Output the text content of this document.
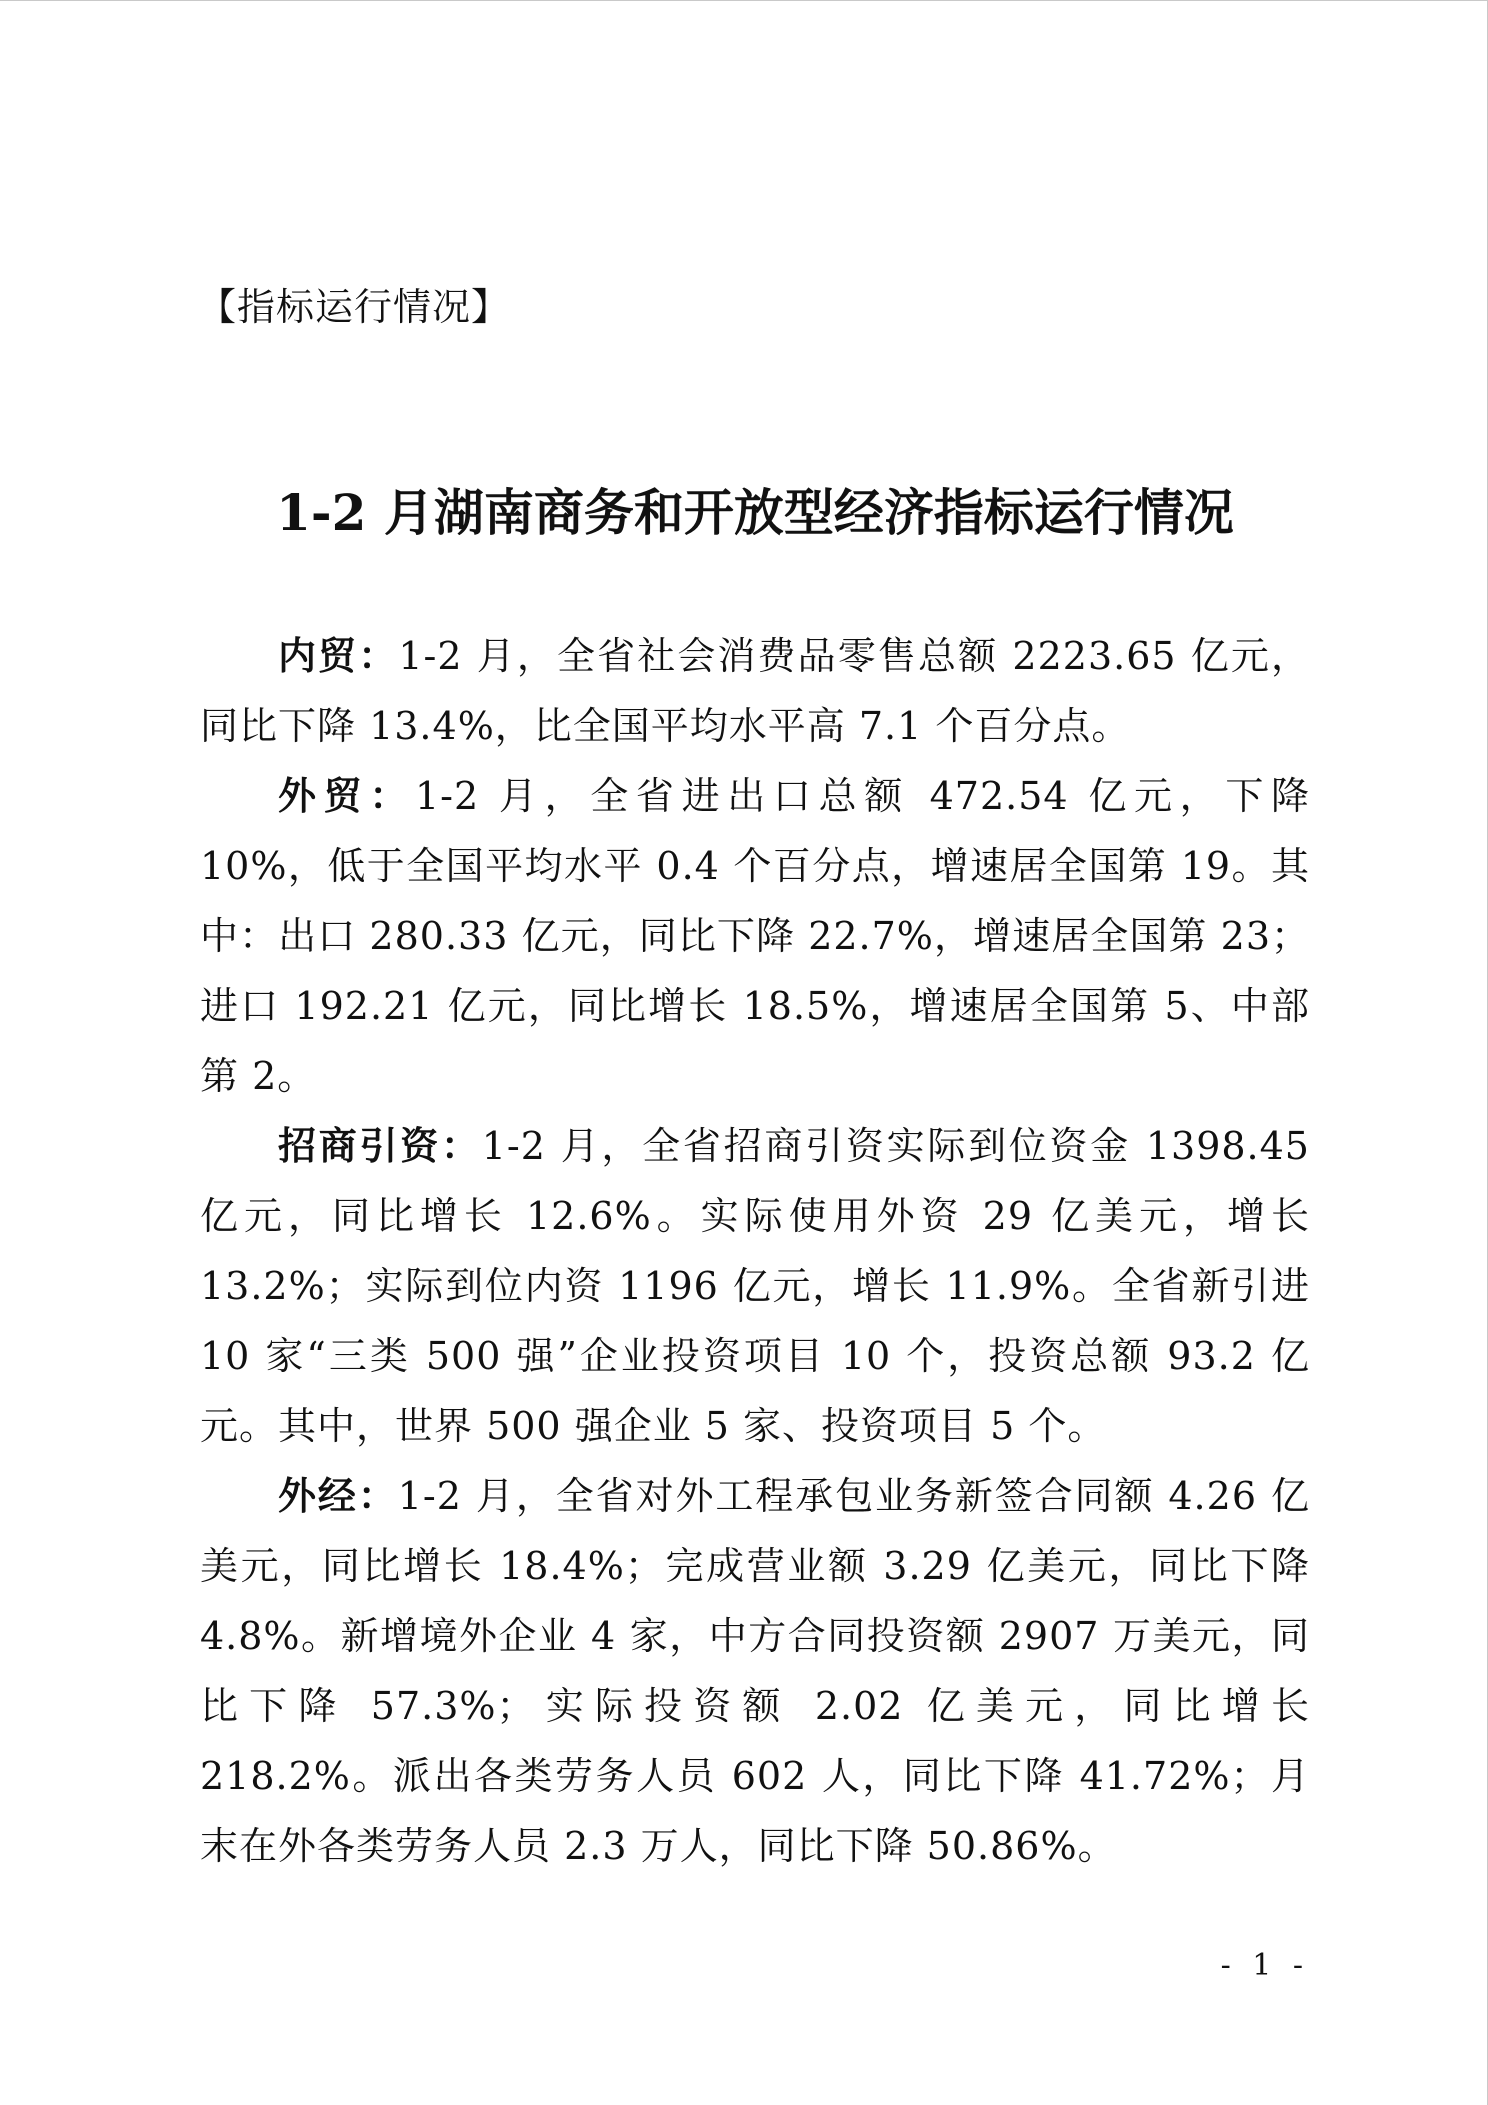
【指标运行情况】
1-2 月湖南商务和开放型经济指标运行情况

内贸：1-2 月，全省社会消费品零售总额 2223.65 亿元，同比下降 13.4%，比全国平均水平高 7.1 个百分点。

外贸：1-2 月，全省进出口总额 472.54 亿元，下降 10%，低于全国平均水平 0.4 个百分点，增速居全国第 19。其中：出口 280.33 亿元，同比下降 22.7%，增速居全国第 23；进口 192.21 亿元，同比增长 18.5%，增速居全国第 5、中部第 2。

招商引资：1-2 月，全省招商引资实际到位资金 1398.45 亿元，同比增长 12.6%。实际使用外资 29 亿美元，增长 13.2%；实际到位内资 1196 亿元，增长 11.9%。全省新引进 10 家“三类 500 强”企业投资项目 10 个，投资总额 93.2 亿元。其中，世界 500 强企业 5 家、投资项目 5 个。

外经：1-2 月，全省对外工程承包业务新签合同额 4.26 亿美元，同比增长 18.4%；完成营业额 3.29 亿美元，同比下降 4.8%。新增境外企业 4 家，中方合同投资额 2907 万美元，同比下降 57.3%；实际投资额 2.02 亿美元，同比增长 218.2%。派出各类劳务人员 602 人，同比下降 41.72%；月末在外各类劳务人员 2.3 万人，同比下降 50.86%。

- 1 -
